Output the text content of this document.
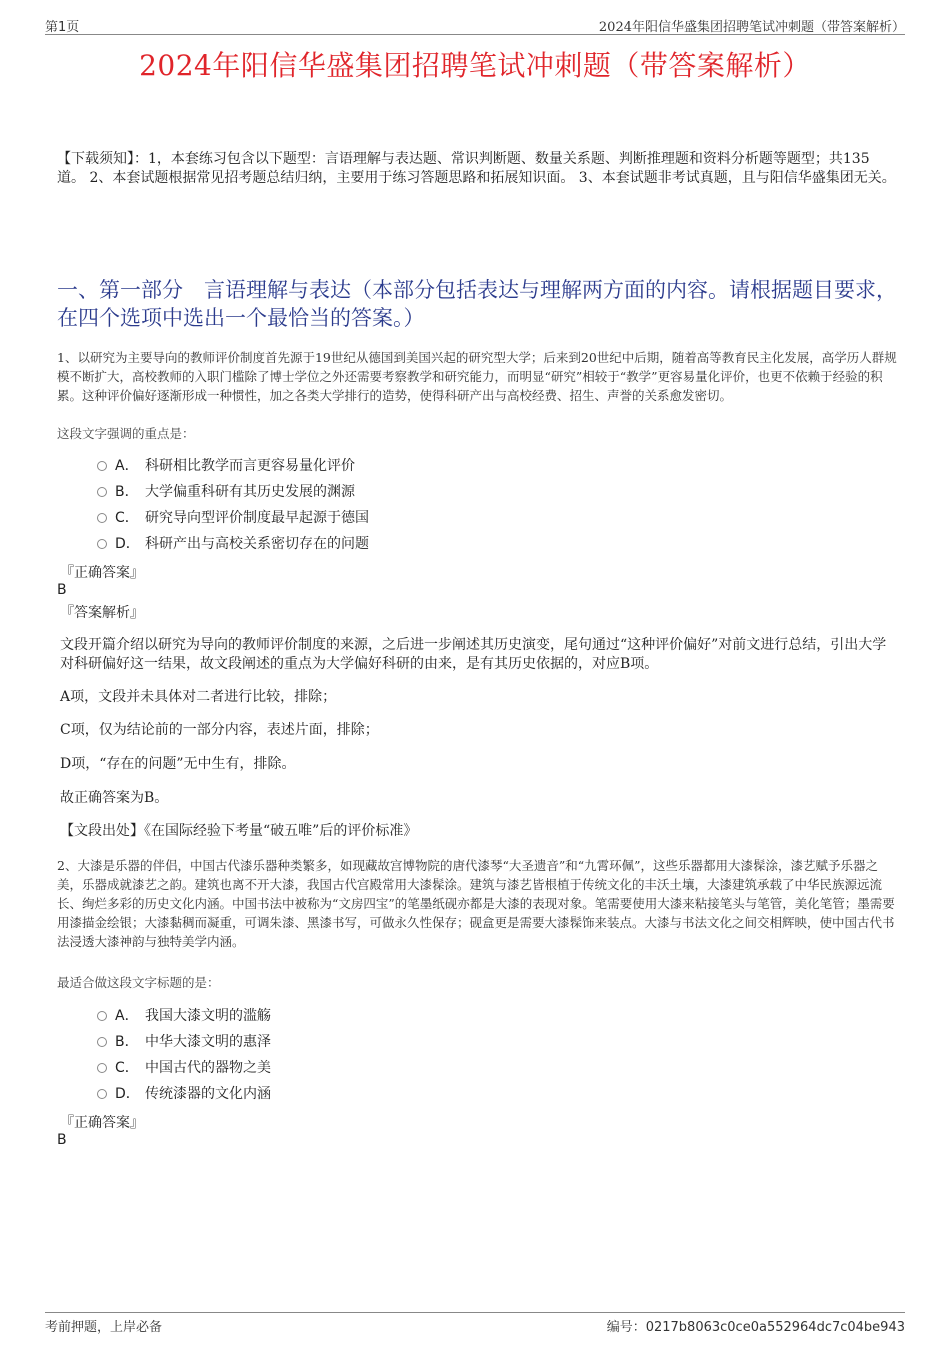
第1页	2024年阳信华盛集团招聘笔试冲刺题（带答案解析）
2024年阳信华盛集团招聘笔试冲刺题（带答案解析）
【下载须知】：1，本套练习包含以下题型：言语理解与表达题、常识判断题、数量关系题、判断推理题和资料分析题等题型；共135道。 2、本套试题根据常见招考题总结归纳，主要用于练习答题思路和拓展知识面。 3、本套试题非考试真题，且与阳信华盛集团无关。
一、第一部分　言语理解与表达（本部分包括表达与理解两方面的内容。请根据题目要求，在四个选项中选出一个最恰当的答案。）
1、以研究为主要导向的教师评价制度首先源于19世纪从德国到美国兴起的研究型大学；后来到20世纪中后期，随着高等教育民主化发展，高学历人群规模不断扩大，高校教师的入职门槛除了博士学位之外还需要考察教学和研究能力，而明显“研究”相较于“教学”更容易量化评价，也更不依赖于经验的积累。这种评价偏好逐渐形成一种惯性，加之各类大学排行的造势，使得科研产出与高校经费、招生、声誉的关系愈发密切。
这段文字强调的重点是：
A． 科研相比教学而言更容易量化评价
B． 大学偏重科研有其历史发展的渊源
C． 研究导向型评价制度最早起源于德国
D． 科研产出与高校关系密切存在的问题
『正确答案』
B
『答案解析』
文段开篇介绍以研究为导向的教师评价制度的来源，之后进一步阐述其历史演变，尾句通过“这种评价偏好”对前文进行总结，引出大学对科研偏好这一结果，故文段阐述的重点为大学偏好科研的由来，是有其历史依据的，对应B项。
A项，文段并未具体对二者进行比较，排除；
C项，仅为结论前的一部分内容，表述片面，排除；
D项，“存在的问题”无中生有，排除。
故正确答案为B。
【文段出处】《在国际经验下考量“破五唯”后的评价标准》
2、大漆是乐器的伴侣，中国古代漆乐器种类繁多，如现藏故宫博物院的唐代漆琴“大圣遗音”和“九霄环佩”，这些乐器都用大漆髹涂，漆艺赋予乐器之美，乐器成就漆艺之韵。建筑也离不开大漆，我国古代宫殿常用大漆髹涂。建筑与漆艺皆根植于传统文化的丰沃土壤，大漆建筑承载了中华民族源远流长、绚烂多彩的历史文化内涵。中国书法中被称为“文房四宝”的笔墨纸砚亦都是大漆的表现对象。笔需要使用大漆来粘接笔头与笔管，美化笔管；墨需要用漆描金绘银；大漆黏稠而凝重，可调朱漆、黑漆书写，可做永久性保存；砚盒更是需要大漆髹饰来装点。大漆与书法文化之间交相辉映，使中国古代书法浸透大漆神韵与独特美学内涵。
最适合做这段文字标题的是：
A． 我国大漆文明的滥觞
B． 中华大漆文明的惠泽
C． 中国古代的器物之美
D． 传统漆器的文化内涵
『正确答案』
B
考前押题，上岸必备	编号：0217b8063c0ce0a552964dc7c04be943
